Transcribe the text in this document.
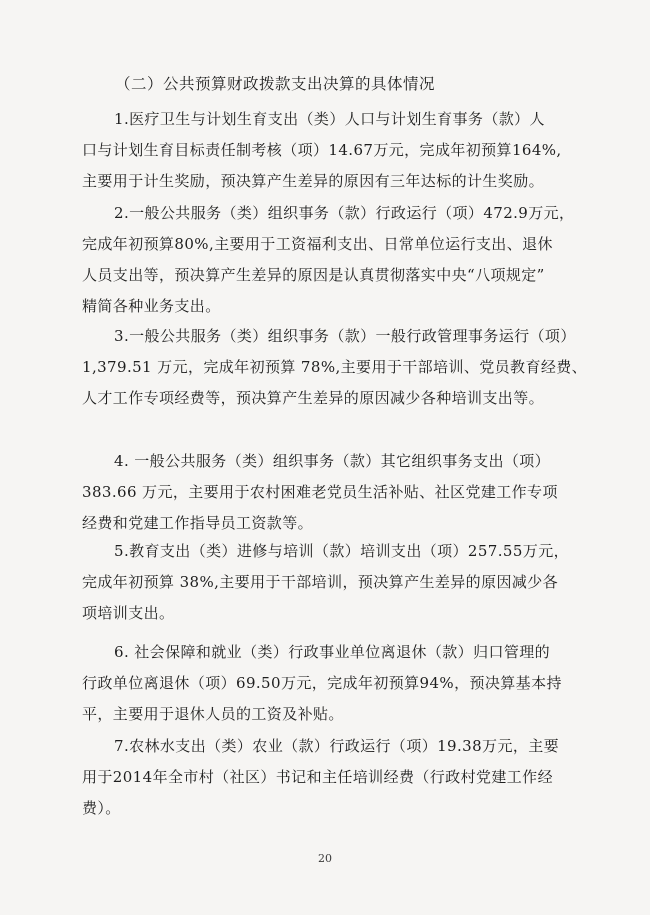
（二）公共预算财政拨款支出决算的具体情况
1.医疗卫生与计划生育支出（类）人口与计划生育事务（款）人
口与计划生育目标责任制考核（项）14.67万元，完成年初预算164%,
主要用于计生奖励，预决算产生差异的原因有三年达标的计生奖励。
2.一般公共服务（类）组织事务（款）行政运行（项）472.9万元，
完成年初预算80%,主要用于工资福利支出、日常单位运行支出、退休
人员支出等，预决算产生差异的原因是认真贯彻落实中央“八项规定”
精简各种业务支出。
3.一般公共服务（类）组织事务（款）一般行政管理事务运行（项）
1,379.51 万元，完成年初预算 78%,主要用于干部培训、党员教育经费、
人才工作专项经费等，预决算产生差异的原因减少各种培训支出等。
4. 一般公共服务（类）组织事务（款）其它组织事务支出（项）
383.66 万元，主要用于农村困难老党员生活补贴、社区党建工作专项
经费和党建工作指导员工资款等。
5.教育支出（类）进修与培训（款）培训支出（项）257.55万元，
完成年初预算 38%,主要用于干部培训，预决算产生差异的原因减少各
项培训支出。
6. 社会保障和就业（类）行政事业单位离退休（款）归口管理的
行政单位离退休（项）69.50万元，完成年初预算94%，预决算基本持
平，主要用于退休人员的工资及补贴。
7.农林水支出（类）农业（款）行政运行（项）19.38万元，主要
用于2014年全市村（社区）书记和主任培训经费（行政村党建工作经
费）。
20
